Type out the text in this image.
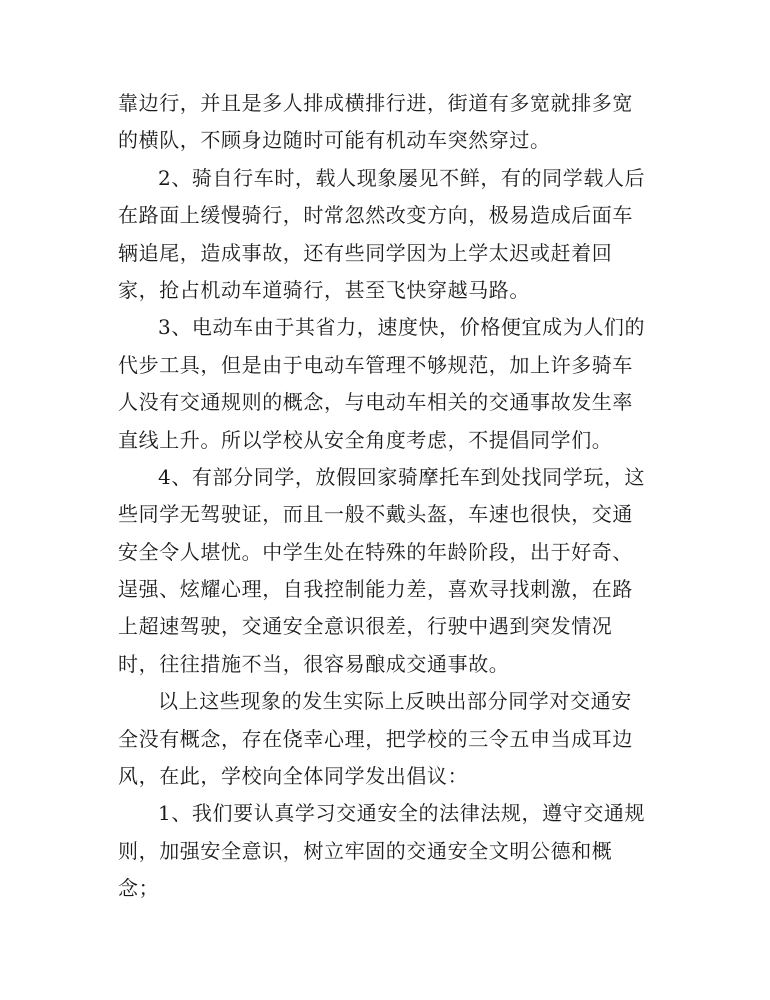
靠边行，并且是多人排成横排行进，街道有多宽就排多宽
的横队，不顾身边随时可能有机动车突然穿过。
2、骑自行车时，载人现象屡见不鲜，有的同学载人后
在路面上缓慢骑行，时常忽然改变方向，极易造成后面车
辆追尾，造成事故，还有些同学因为上学太迟或赶着回
家，抢占机动车道骑行，甚至飞快穿越马路。
3、电动车由于其省力，速度快，价格便宜成为人们的
代步工具，但是由于电动车管理不够规范，加上许多骑车
人没有交通规则的概念，与电动车相关的交通事故发生率
直线上升。所以学校从安全角度考虑，不提倡同学们。
4、有部分同学，放假回家骑摩托车到处找同学玩，这
些同学无驾驶证，而且一般不戴头盔，车速也很快，交通
安全令人堪忧。中学生处在特殊的年龄阶段，出于好奇、
逞强、炫耀心理，自我控制能力差，喜欢寻找刺激，在路
上超速驾驶，交通安全意识很差，行驶中遇到突发情况
时，往往措施不当，很容易酿成交通事故。
以上这些现象的发生实际上反映出部分同学对交通安
全没有概念，存在侥幸心理，把学校的三令五申当成耳边
风，在此，学校向全体同学发出倡议：
1、我们要认真学习交通安全的法律法规，遵守交通规
则，加强安全意识，树立牢固的交通安全文明公德和概
念；
